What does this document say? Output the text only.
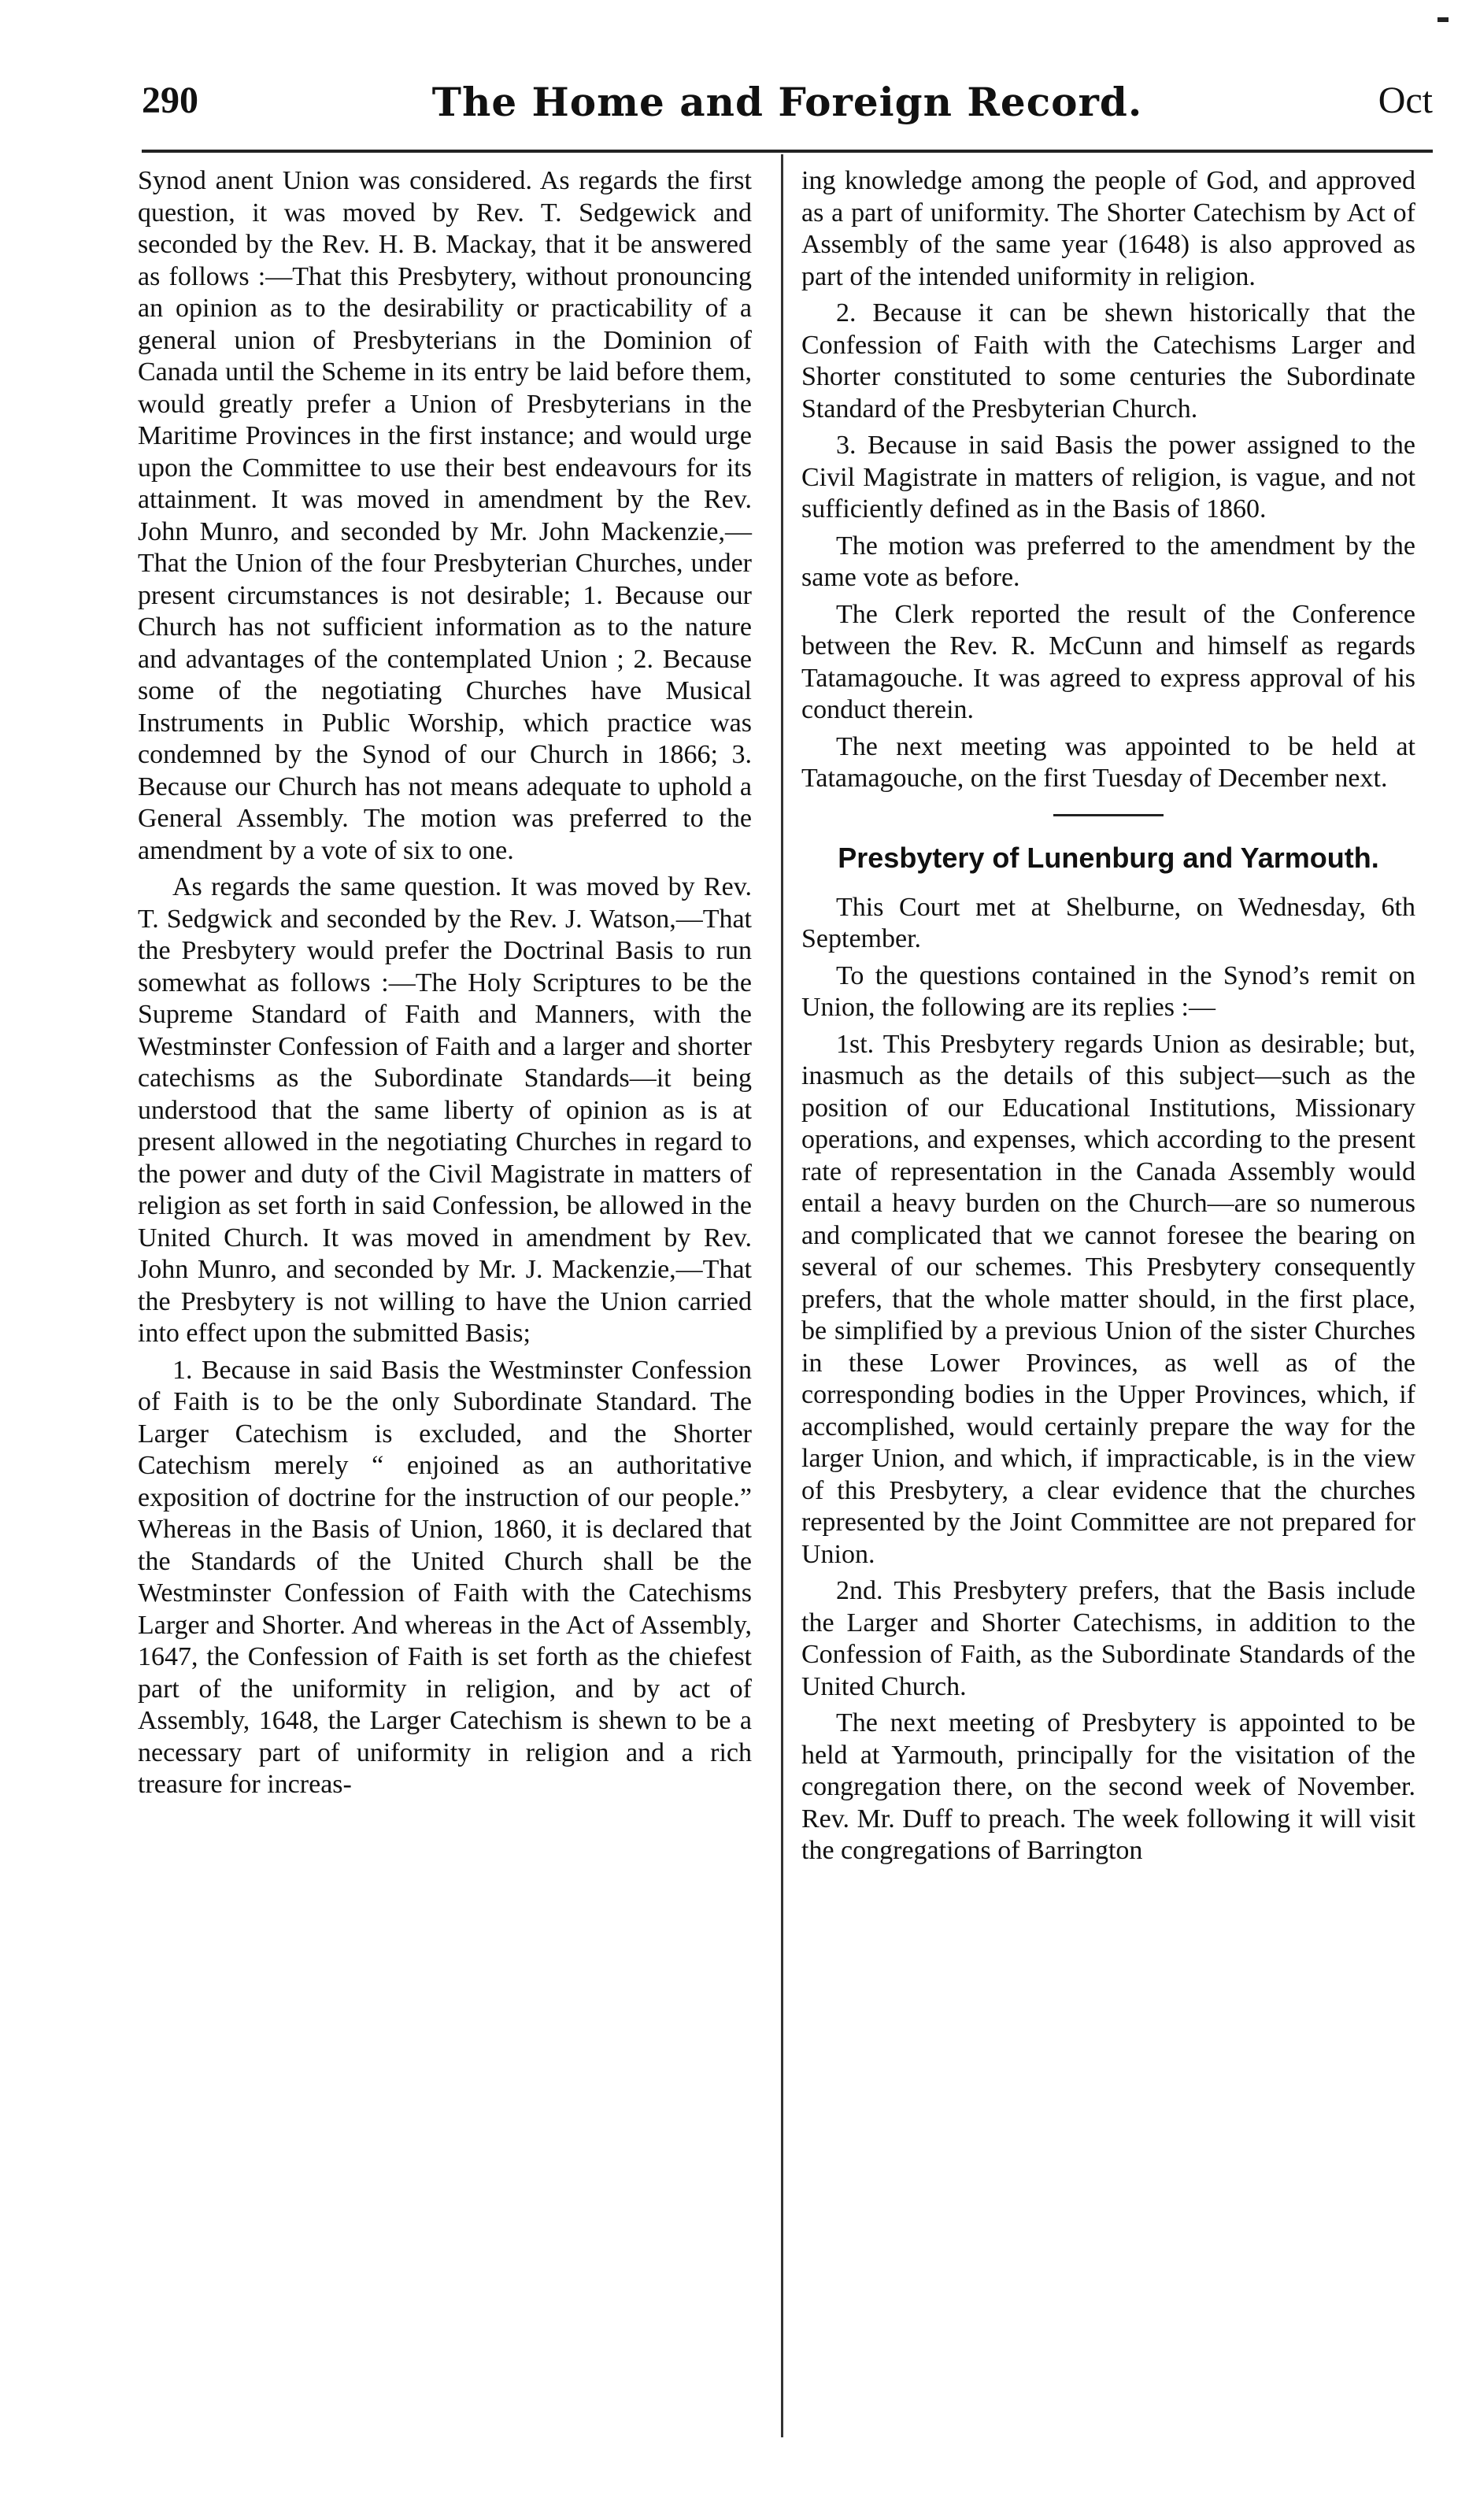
290	The Home and Foreign Record.	Oct

Synod anent Union was considered. As regards the first question, it was moved by Rev. T. Sedgewick and seconded by the Rev. H. B. Mackay, that it be answered as follows :—That this Presbytery, without pronouncing an opinion as to the desirability or practicability of a general union of Presbyterians in the Dominion of Canada until the Scheme in its entry be laid before them, would greatly prefer a Union of Presbyterians in the Maritime Provinces in the first instance; and would urge upon the Committee to use their best endeavours for its attainment. It was moved in amendment by the Rev. John Munro, and seconded by Mr. John Mackenzie,—That the Union of the four Presbyterian Churches, under present circumstances is not desirable; 1. Because our Church has not sufficient information as to the nature and advantages of the contemplated Union ; 2. Because some of the negotiating Churches have Musical Instruments in Public Worship, which practice was condemned by the Synod of our Church in 1866; 3. Because our Church has not means adequate to uphold a General Assembly. The motion was preferred to the amendment by a vote of six to one.

As regards the same question. It was moved by Rev. T. Sedgwick and seconded by the Rev. J. Watson,—That the Presbytery would prefer the Doctrinal Basis to run somewhat as follows :—The Holy Scriptures to be the Supreme Standard of Faith and Manners, with the Westminster Confession of Faith and a larger and shorter catechisms as the Subordinate Standards—it being understood that the same liberty of opinion as is at present allowed in the negotiating Churches in regard to the power and duty of the Civil Magistrate in matters of religion as set forth in said Confession, be allowed in the United Church. It was moved in amendment by Rev. John Munro, and seconded by Mr. J. Mackenzie,—That the Presbytery is not willing to have the Union carried into effect upon the submitted Basis;

1. Because in said Basis the Westminster Confession of Faith is to be the only Subordinate Standard. The Larger Catechism is excluded, and the Shorter Catechism merely “ enjoined as an authoritative exposition of doctrine for the instruction of our people.” Whereas in the Basis of Union, 1860, it is declared that the Standards of the United Church shall be the Westminster Confession of Faith with the Catechisms Larger and Shorter. And whereas in the Act of Assembly, 1647, the Confession of Faith is set forth as the chiefest part of the uniformity in religion, and by act of Assembly, 1648, the Larger Catechism is shewn to be a necessary part of uniformity in religion and a rich treasure for increas-

ing knowledge among the people of God, and approved as a part of uniformity. The Shorter Catechism by Act of Assembly of the same year (1648) is also approved as part of the intended uniformity in religion.

2. Because it can be shewn historically that the Confession of Faith with the Catechisms Larger and Shorter constituted to some centuries the Subordinate Standard of the Presbyterian Church.

3. Because in said Basis the power assigned to the Civil Magistrate in matters of religion, is vague, and not sufficiently defined as in the Basis of 1860.

The motion was preferred to the amendment by the same vote as before.

The Clerk reported the result of the Conference between the Rev. R. McCunn and himself as regards Tatamagouche. It was agreed to express approval of his conduct therein.

The next meeting was appointed to be held at Tatamagouche, on the first Tuesday of December next.

Presbytery of Lunenburg and Yarmouth.

This Court met at Shelburne, on Wednesday, 6th September.

To the questions contained in the Synod’s remit on Union, the following are its replies :—

1st. This Presbytery regards Union as desirable; but, inasmuch as the details of this subject—such as the position of our Educational Institutions, Missionary operations, and expenses, which according to the present rate of representation in the Canada Assembly would entail a heavy burden on the Church—are so numerous and complicated that we cannot foresee the bearing on several of our schemes. This Presbytery consequently prefers, that the whole matter should, in the first place, be simplified by a previous Union of the sister Churches in these Lower Provinces, as well as of the corresponding bodies in the Upper Provinces, which, if accomplished, would certainly prepare the way for the larger Union, and which, if impracticable, is in the view of this Presbytery, a clear evidence that the churches represented by the Joint Committee are not prepared for Union.

2nd. This Presbytery prefers, that the Basis include the Larger and Shorter Catechisms, in addition to the Confession of Faith, as the Subordinate Standards of the United Church.

The next meeting of Presbytery is appointed to be held at Yarmouth, principally for the visitation of the congregation there, on the second week of November. Rev. Mr. Duff to preach. The week following it will visit the congregations of Barrington
